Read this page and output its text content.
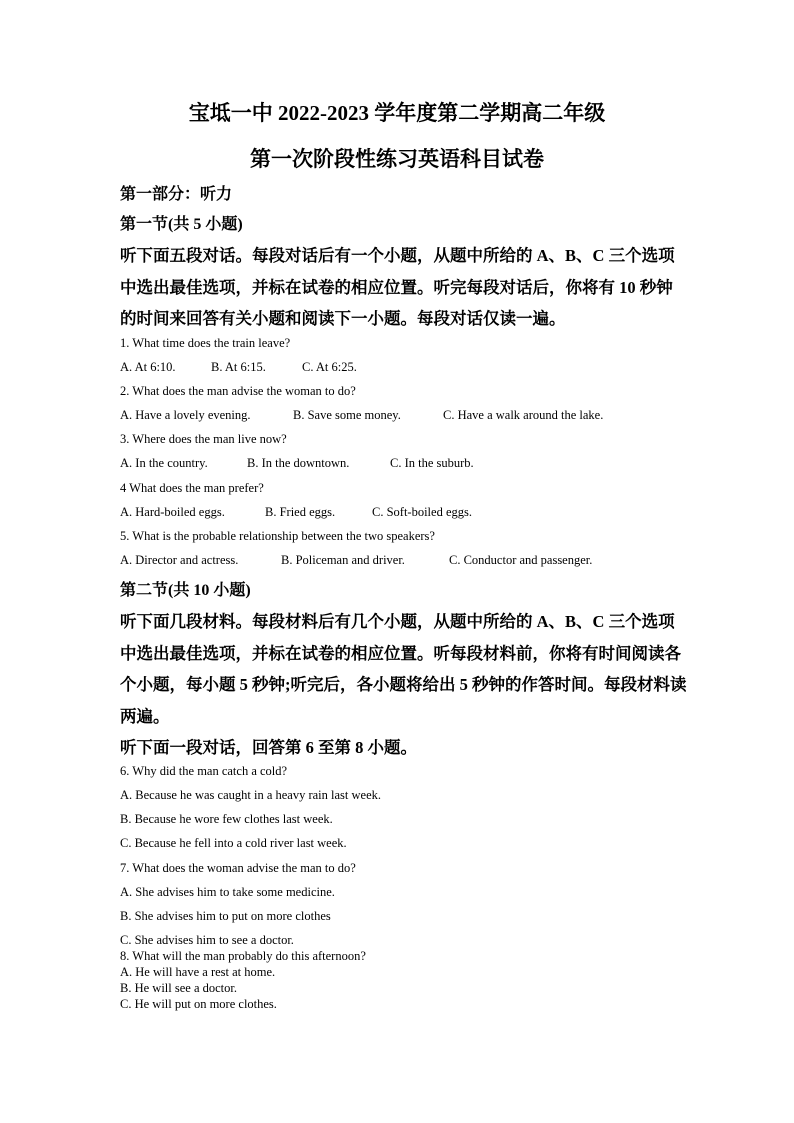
宝坻一中 2022-2023 学年度第二学期高二年级
第一次阶段性练习英语科目试卷
第一部分：听力
第一节(共 5 小题)
听下面五段对话。每段对话后有一个小题，从题中所给的 A、B、C 三个选项
中选出最佳选项，并标在试卷的相应位置。听完每段对话后，你将有 10 秒钟
的时间来回答有关小题和阅读下一小题。每段对话仅读一遍。
1. What time does the train leave?
A. At 6:10.	B. At 6:15.	C. At 6:25.
2. What does the man advise the woman to do?
A. Have a lovely evening.	B. Save some money.	C. Have a walk around the lake.
3. Where does the man live now?
A. In the country.	B. In the downtown.	C. In the suburb.
4 What does the man prefer?
A. Hard-boiled eggs.	B. Fried eggs.	C. Soft-boiled eggs.
5. What is the probable relationship between the two speakers?
A. Director and actress.	B. Policeman and driver.	C. Conductor and passenger.
第二节(共 10 小题)
听下面几段材料。每段材料后有几个小题，从题中所给的 A、B、C 三个选项
中选出最佳选项，并标在试卷的相应位置。听每段材料前，你将有时间阅读各
个小题，每小题 5 秒钟;听完后，各小题将给出 5 秒钟的作答时间。每段材料读
两遍。
听下面一段对话，回答第 6 至第 8 小题。
6. Why did the man catch a cold?
A. Because he was caught in a heavy rain last week.
B. Because he wore few clothes last week.
C. Because he fell into a cold river last week.
7. What does the woman advise the man to do?
A. She advises him to take some medicine.
B. She advises him to put on more clothes
C. She advises him to see a doctor.
8. What will the man probably do this afternoon?
A. He will have a rest at home.
B. He will see a doctor.
C. He will put on more clothes.
